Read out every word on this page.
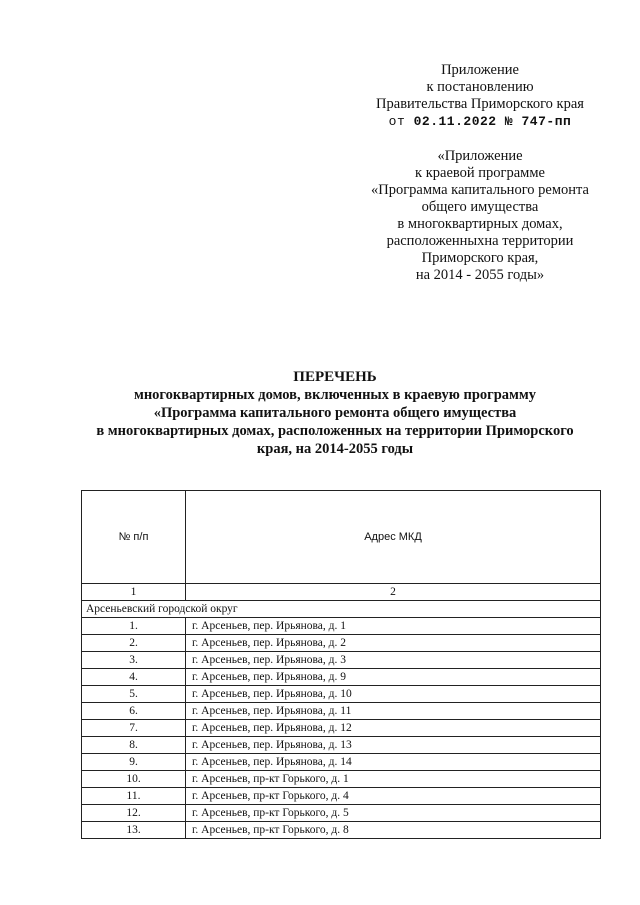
Приложение
к постановлению
Правительства Приморского края
от 02.11.2022 № 747-пп
«Приложение
к краевой программе
«Программа капитального ремонта
общего имущества
в многоквартирных домах,
расположенныхна территории
Приморского края,
на 2014 - 2055 годы»
ПЕРЕЧЕНЬ
многоквартирных домов, включенных в краевую программу
«Программа капитального ремонта общего имущества
в многоквартирных домах, расположенных на территории Приморского
края, на 2014-2055 годы
№ п/п	Адрес МКД
1	2
Арсеньевский городской округ	
1.	г. Арсеньев, пер. Ирьянова, д. 1
2.	г. Арсеньев, пер. Ирьянова, д. 2
3.	г. Арсеньев, пер. Ирьянова, д. 3
4.	г. Арсеньев, пер. Ирьянова, д. 9
5.	г. Арсеньев, пер. Ирьянова, д. 10
6.	г. Арсеньев, пер. Ирьянова, д. 11
7.	г. Арсеньев, пер. Ирьянова, д. 12
8.	г. Арсеньев, пер. Ирьянова, д. 13
9.	г. Арсеньев, пер. Ирьянова, д. 14
10.	г. Арсеньев, пр-кт Горького, д. 1
11.	г. Арсеньев, пр-кт Горького, д. 4
12.	г. Арсеньев, пр-кт Горького, д. 5
13.	г. Арсеньев, пр-кт Горького, д. 8
